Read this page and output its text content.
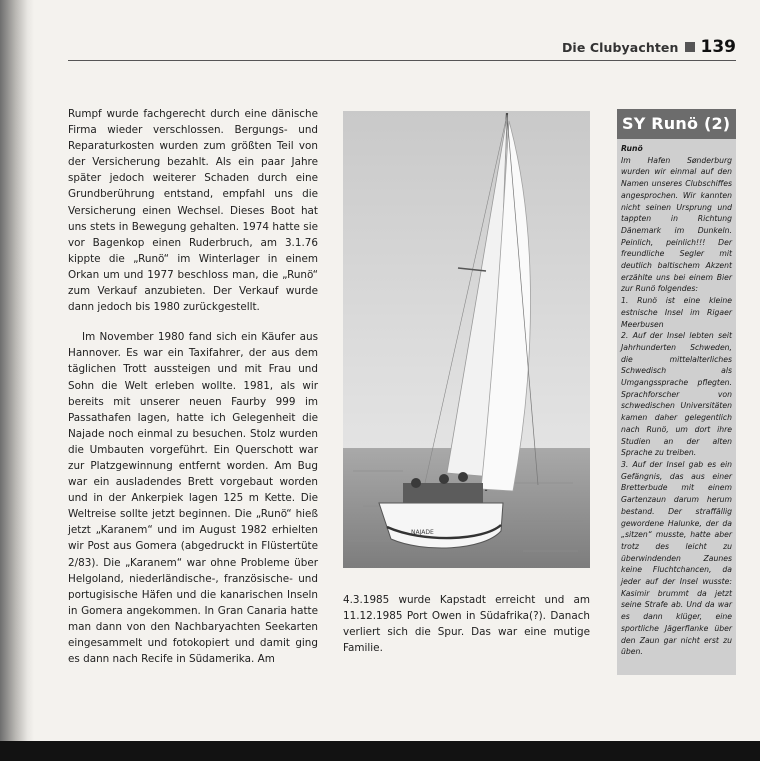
Die Clubyachten 139

Rumpf wurde fachgerecht durch eine dänische Firma wieder verschlossen. Bergungs- und Reparaturkosten wurden zum größten Teil von der Versicherung bezahlt. Als ein paar Jahre später jedoch weiterer Schaden durch eine Grundberührung entstand, empfahl uns die Versicherung einen Wechsel. Dieses Boot hat uns stets in Bewegung gehalten. 1974 hatte sie vor Bagenkop einen Ruderbruch, am 3.1.76 kippte die „Runö“ im Winterlager in einem Orkan um und 1977 beschloss man, die „Runö“ zum Verkauf anzubieten. Der Verkauf wurde dann jedoch bis 1980 zurückgestellt.

Im November 1980 fand sich ein Käufer aus Hannover. Es war ein Taxifahrer, der aus dem täglichen Trott aussteigen und mit Frau und Sohn die Welt erleben wollte. 1981, als wir bereits mit unserer neuen Faurby 999 im Passathafen lagen, hatte ich Gelegenheit die Najade noch einmal zu besuchen. Stolz wurden die Umbauten vorgeführt. Ein Querschott war zur Platzgewinnung entfernt worden. Am Bug war ein ausladendes Brett vorgebaut worden und in der Ankerpiek lagen 125 m Kette. Die Weltreise sollte jetzt beginnen. Die „Runö“ hieß jetzt „Karanem“ und im August 1982 erhielten wir Post aus Gomera (abgedruckt in Flüstertüte 2/83). Die „Karanem“ war ohne Probleme über Helgoland, niederländische-, französische- und portugisische Häfen und die kanarischen Inseln in Gomera angekommen. In Gran Canaria hatte man dann von den Nachbaryachten Seekarten eingesammelt und fotokopiert und damit ging es dann nach Recife in Südamerika. Am

NAJADE

4.3.1985 wurde Kapstadt erreicht und am 11.12.1985 Port Owen in Südafrika(?). Danach verliert sich die Spur. Das war eine mutige Familie.

SY Runö (2)

Runö

Im Hafen Sønderburg wurden wir einmal auf den Namen unseres Clubschiffes angesprochen. Wir kannten nicht seinen Ursprung und tappten in Richtung Dänemark im Dunkeln. Peinlich, peinlich!!! Der freundliche Segler mit deutlich baltischem Akzent erzählte uns bei einem Bier zur Runö folgendes:

1. Runö ist eine kleine estnische Insel im Rigaer Meerbusen

2. Auf der Insel lebten seit Jahrhunderten Schweden, die mittelalterliches Schwedisch als Umgangssprache pflegten. Sprachforscher von schwedischen Universitäten kamen daher gelegentlich nach Runö, um dort ihre Studien an der alten Sprache zu treiben.

3. Auf der Insel gab es ein Gefängnis, das aus einer Bretterbude mit einem Gartenzaun darum herum bestand. Der straffällig gewordene Halunke, der da „sitzen“ musste, hatte aber trotz des leicht zu überwindenden Zaunes keine Fluchtchancen, da jeder auf der Insel wusste: Kasimir brummt da jetzt seine Strafe ab. Und da war es dann klüger, eine sportliche Jägerflanke über den Zaun gar nicht erst zu üben.
